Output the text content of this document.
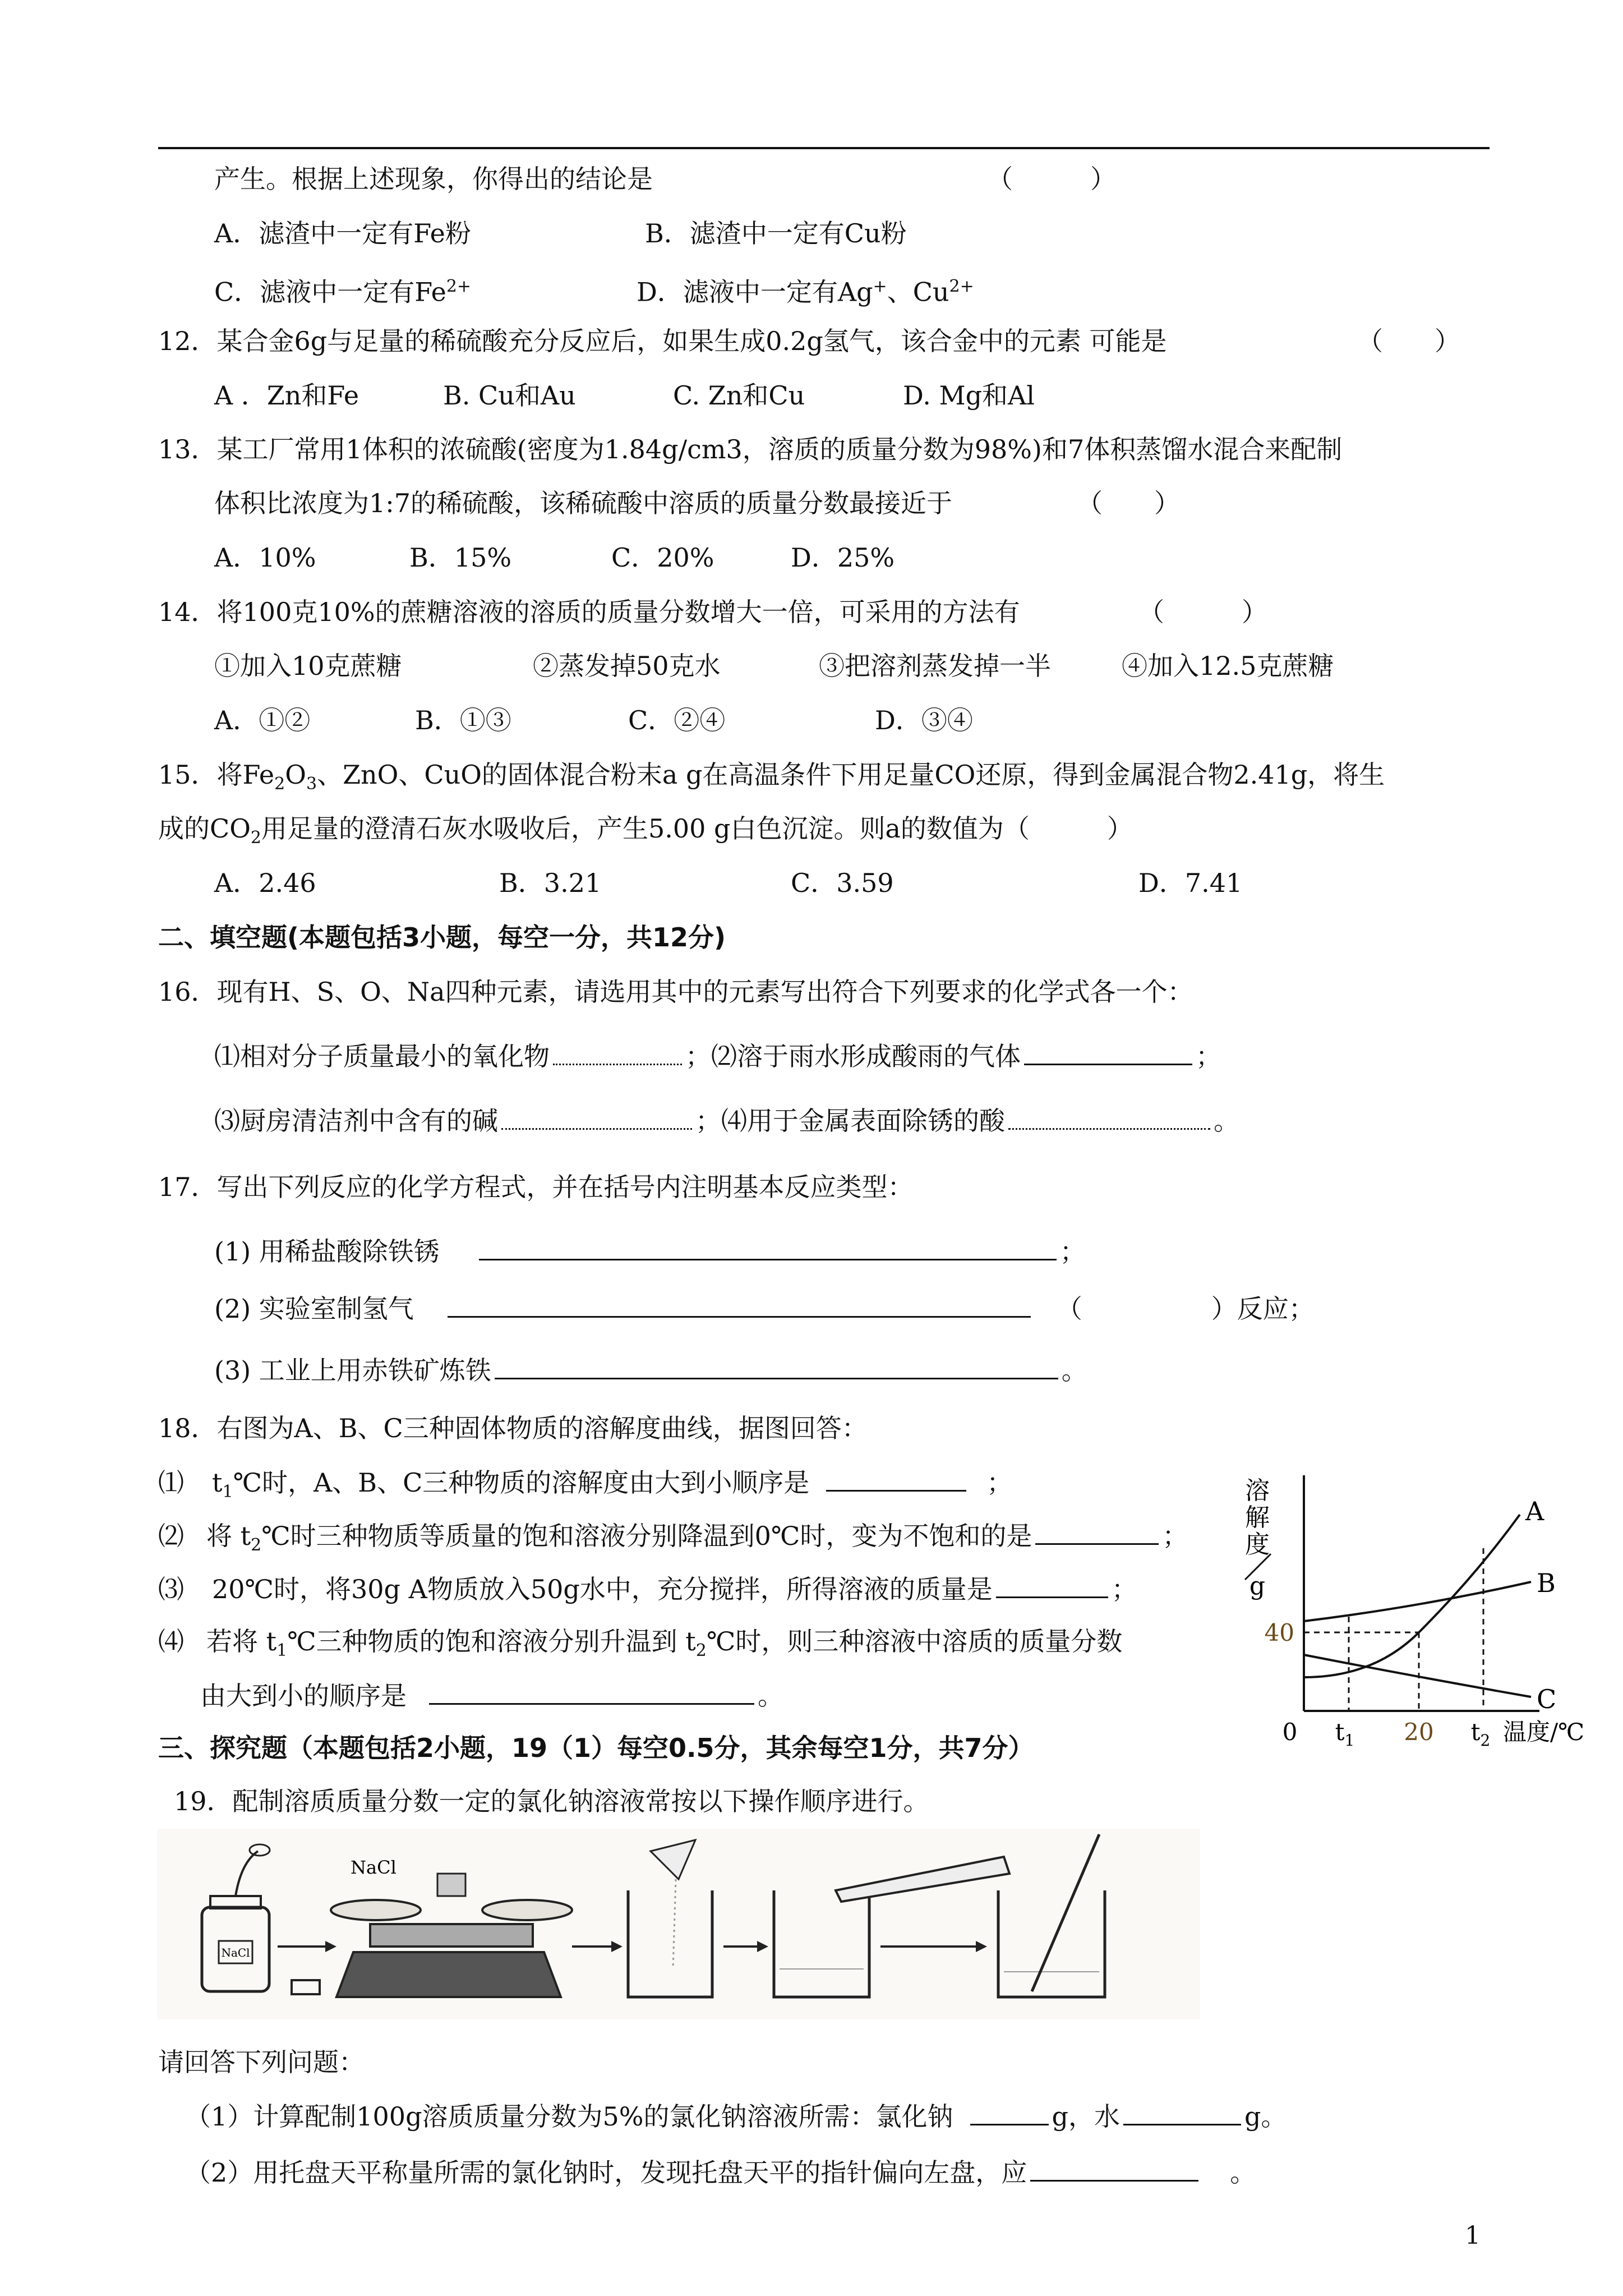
产生。根据上述现象，你得出的结论是	（　　　）
A．滤渣中一定有Fe粉	B．滤渣中一定有Cu粉
C．滤液中一定有$Fe^{2+}$	D．滤液中一定有Ag+、$Cu^{2+}$
12．某合金6g与足量的稀硫酸充分反应后，如果生成0.2g氢气，该合金中的元素 可能是	（　　）
A ．Zn和Fe	B. Cu和Au	C. Zn和Cu	D. Mg和Al
13．某工厂常用1体积的浓硫酸(密度为1.84g/cm3，溶质的质量分数为98%)和7体积蒸馏水混合来配制
体积比浓度为1:7的稀硫酸，该稀硫酸中溶质的质量分数最接近于	（　　）
A．10%	B．15%	C．20%	D．25%
14．将100克10%的蔗糖溶液的溶质的质量分数增大一倍，可采用的方法有	（　　　）
①加入10克蔗糖	②蒸发掉50克水	③把溶剂蒸发掉一半	④加入12.5克蔗糖
A．①②	B．①③	C．②④	D．③④
15．将$Fe_2O_3$、ZnO、CuO的固体混合粉末a g在高温条件下用足量CO还原，得到金属混合物2.41g，将生
成的$CO_2$用足量的澄清石灰水吸收后，产生5.00 g白色沉淀。则a的数值为（　　　）
A．2.46	B．3.21	C．3.59	D．7.41
二、填空题(本题包括3小题，每空一分，共12分)
16．现有H、S、O、Na四种元素，请选用其中的元素写出符合下列要求的化学式各一个：
⑴相对分子质量最小的氧化物	；⑵溶于雨水形成酸雨的气体	；
⑶厨房清洁剂中含有的碱	；⑷用于金属表面除锈的酸	。
17．写出下列反应的化学方程式，并在括号内注明基本反应类型：
(1) 用稀盐酸除铁锈	；
(2) 实验室制氢气	（　　　　　）反应；
(3) 工业上用赤铁矿炼铁	。
18．右图为A、B、C三种固体物质的溶解度曲线，据图回答：
⑴ $t_1℃$时，A、B、C三种物质的溶解度由大到小顺序是	；
⑵ 将 $t_2℃$时三种物质等质量的饱和溶液分别降温到0℃时，变为不饱和的是	；
⑶ 20℃时，将30g A物质放入50g水中，充分搅拌，所得溶液的质量是	；
⑷ 若将 $t_1℃$三种物质的饱和溶液分别升温到 $t_2℃$时，则三种溶液中溶质的质量分数
由大到小的顺序是	。
溶
解
度
g
40
A
B
C
0 $t_1$ 20 $t_2$ 温度/℃
三、探究题（本题包括2小题，19（1）每空0.5分，其余每空1分，共7分）
19．配制溶质质量分数一定的氯化钠溶液常按以下操作顺序进行。
NaCl
NaCl
请回答下列问题：
（1）计算配制100g溶质质量分数为5%的氯化钠溶液所需：氯化钠	g，水	g。
（2）用托盘天平称量所需的氯化钠时，发现托盘天平的指针偏向左盘，应	。
1
